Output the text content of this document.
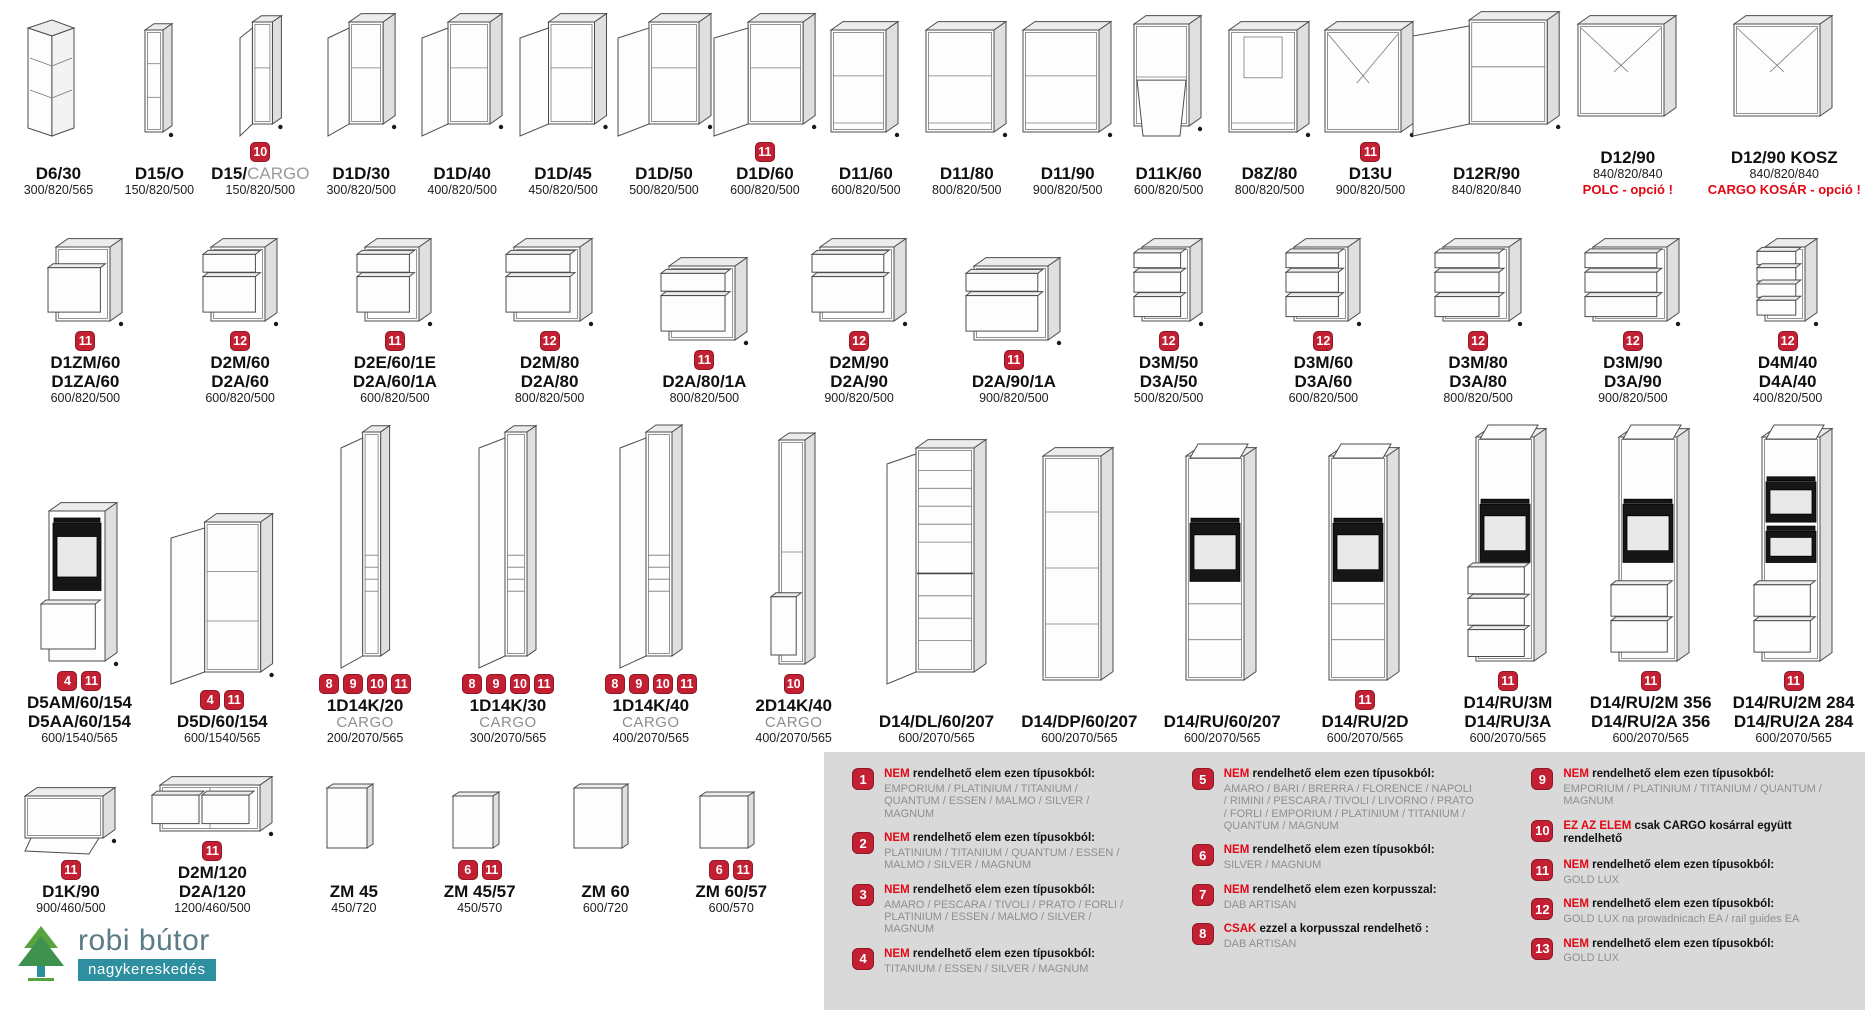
D6/30
300/820/565
D15/O
150/820/500
10
D15/CARGO
150/820/500
D1D/30
300/820/500
D1D/40
400/820/500
D1D/45
450/820/500
D1D/50
500/820/500
11
D1D/60
600/820/500
D11/60
600/820/500
D11/80
800/820/500
D11/90
900/820/500
D11K/60
600/820/500
D8Z/80
800/820/500
11
D13U
900/820/500
D12R/90
840/820/840
D12/90
840/820/840
POLC - opció !
D12/90 KOSZ
840/820/840
CARGO KOSÁR - opció !
11
D1ZM/60
D1ZA/60
600/820/500
12
D2M/60
D2A/60
600/820/500
11
D2E/60/1E
D2A/60/1A
600/820/500
12
D2M/80
D2A/80
800/820/500
11
D2A/80/1A
800/820/500
12
D2M/90
D2A/90
900/820/500
11
D2A/90/1A
900/820/500
12
D3M/50
D3A/50
500/820/500
12
D3M/60
D3A/60
600/820/500
12
D3M/80
D3A/80
800/820/500
12
D3M/90
D3A/90
900/820/500
12
D4M/40
D4A/40
400/820/500
4	11
D5AM/60/154
D5AA/60/154
600/1540/565
4	11
D5D/60/154
600/1540/565
8	9	10 11
1D14K/20
CARGO
200/2070/565
8	9	10 11
1D14K/30
CARGO
300/2070/565
8	9	10 11
1D14K/40
CARGO
400/2070/565
10
2D14K/40
CARGO
400/2070/565
D14/DL/60/207
600/2070/565
D14/DP/60/207
600/2070/565
D14/RU/60/207
600/2070/565
11
D14/RU/2D
600/2070/565
11
D14/RU/3M
D14/RU/3A
600/2070/565
11
D14/RU/2M 356
D14/RU/2A 356
600/2070/565
11
D14/RU/2M 284
D14/RU/2A 284
600/2070/565
11
D1K/90
900/460/500
11
D2M/120
D2A/120
1200/460/500
ZM 45
450/720
6	11
ZM 45/57
450/570
ZM 60
600/720
6	11
ZM 60/57
600/570
robi bútor
nagykereskedés
1	NEM rendelhető elem ezen típusokból:
EMPORIUM / PLATINIUM / TITANIUM / QUANTUM / ESSEN / MALMO / SILVER / MAGNUM
2	NEM rendelhető elem ezen típusokból:
PLATINIUM / TITANIUM / QUANTUM / ESSEN / MALMO / SILVER / MAGNUM
3	NEM rendelhető elem ezen típusokból:
AMARO / PESCARA / TIVOLI / PRATO / FORLI / PLATINIUM / ESSEN / MALMO / SILVER / MAGNUM
4	NEM rendelhető elem ezen típusokból:
TITANIUM / ESSEN / SILVER / MAGNUM
5	NEM rendelhető elem ezen típusokból:
AMARO / BARI / BRERRA / FLORENCE / NAPOLI / RIMINI / PESCARA / TIVOLI / LIVORNO / PRATO / FORLI / EMPORIUM / PLATINIUM / TITANIUM / QUANTUM / MAGNUM
6	NEM rendelhető elem ezen típusokból:
SILVER / MAGNUM
7	NEM rendelhető elem ezen korpusszal:
DAB ARTISAN
8	CSAK ezzel a korpusszal rendelhető :
DAB ARTISAN
9	NEM rendelhető elem ezen típusokból:
EMPORIUM / PLATINIUM / TITANIUM / QUANTUM / MAGNUM
10	EZ AZ ELEM csak CARGO kosárral együtt rendelhető
11	NEM rendelhető elem ezen típusokból:
GOLD LUX
12	NEM rendelhető elem ezen típusokból:
GOLD LUX na prowadnicach EA / rail guides EA
13	NEM rendelhető elem ezen típusokból:
GOLD LUX
